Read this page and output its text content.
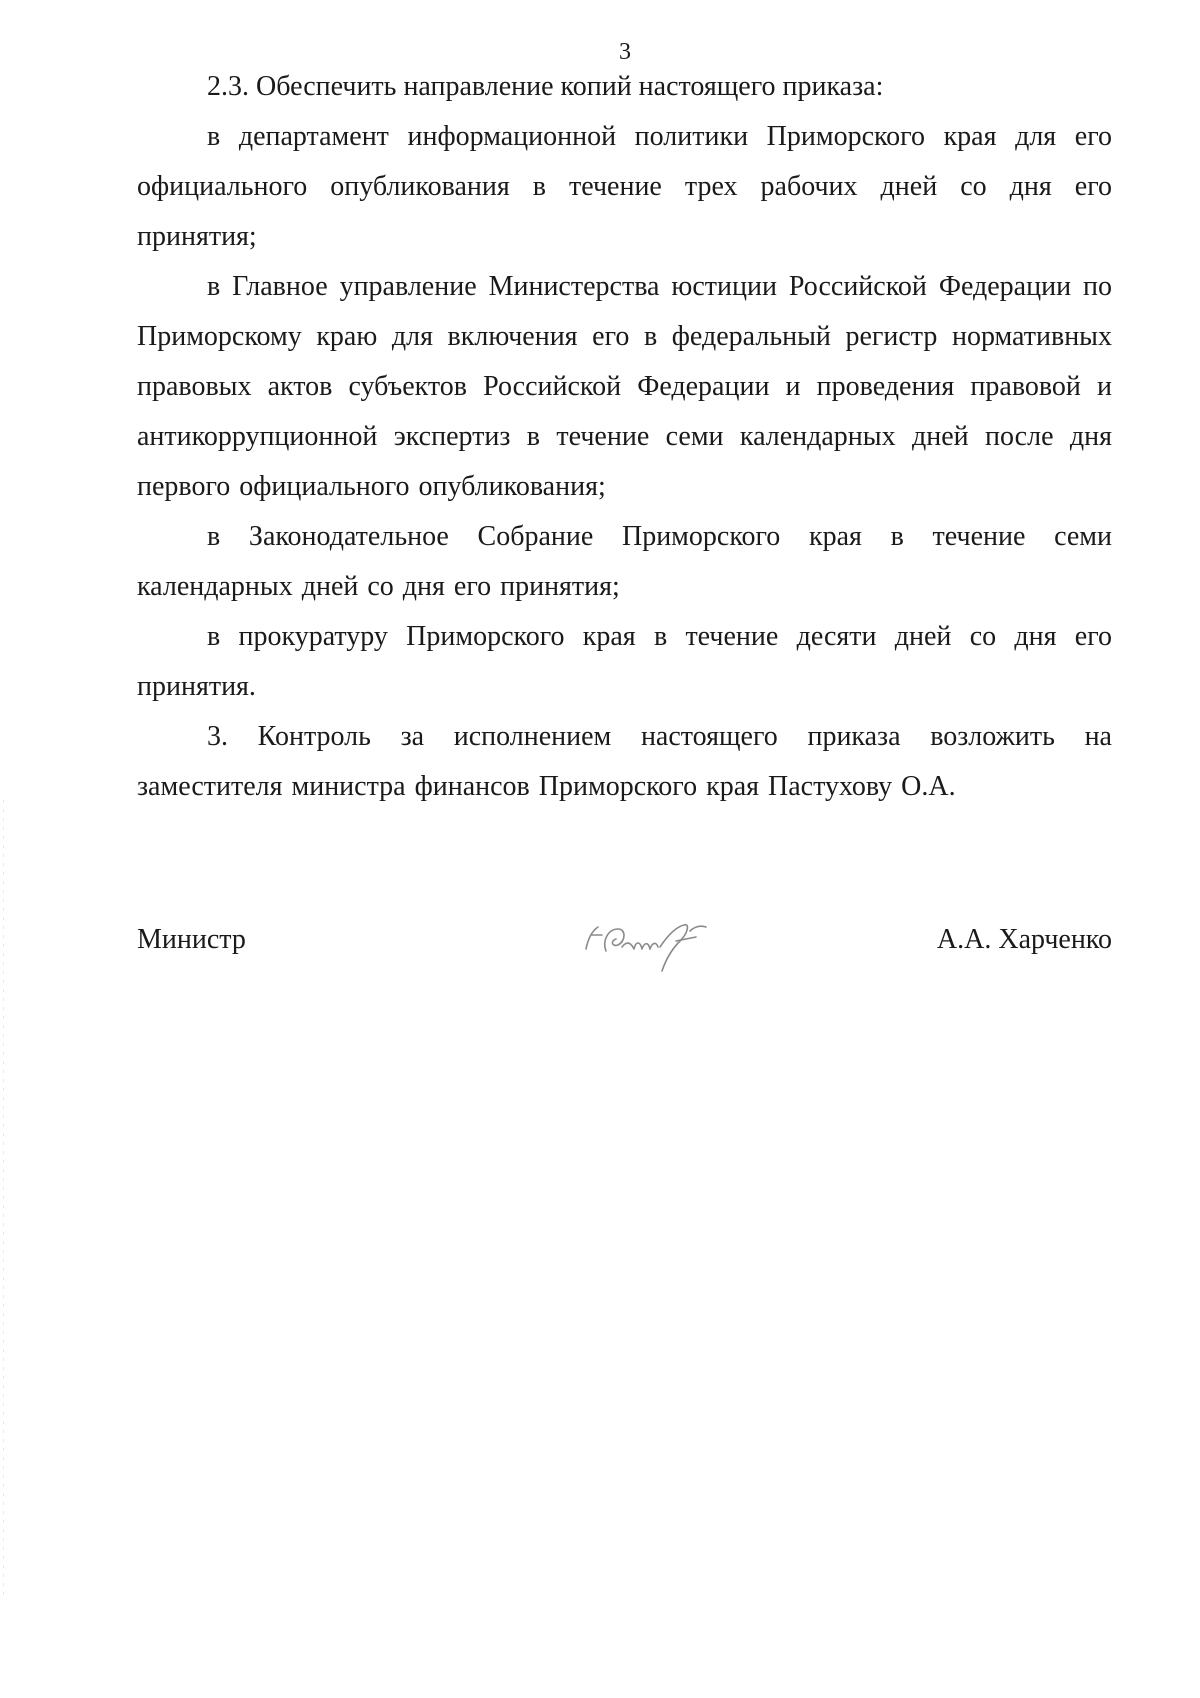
3

2.3. Обеспечить направление копий настоящего приказа:

в департамент информационной политики Приморского края для его официального опубликования в течение трех рабочих дней со дня его принятия;

в Главное управление Министерства юстиции Российской Федерации по Приморскому краю для включения его в федеральный регистр нормативных правовых актов субъектов Российской Федерации и проведения правовой и антикоррупционной экспертиз в течение семи календарных дней после дня первого официального опубликования;

в Законодательное Собрание Приморского края в течение семи календарных дней со дня его принятия;

в прокуратуру Приморского края в течение десяти дней со дня его принятия.

3. Контроль за исполнением настоящего приказа возложить на заместителя министра финансов Приморского края Пастухову О.А.

Министр	А.А. Харченко
